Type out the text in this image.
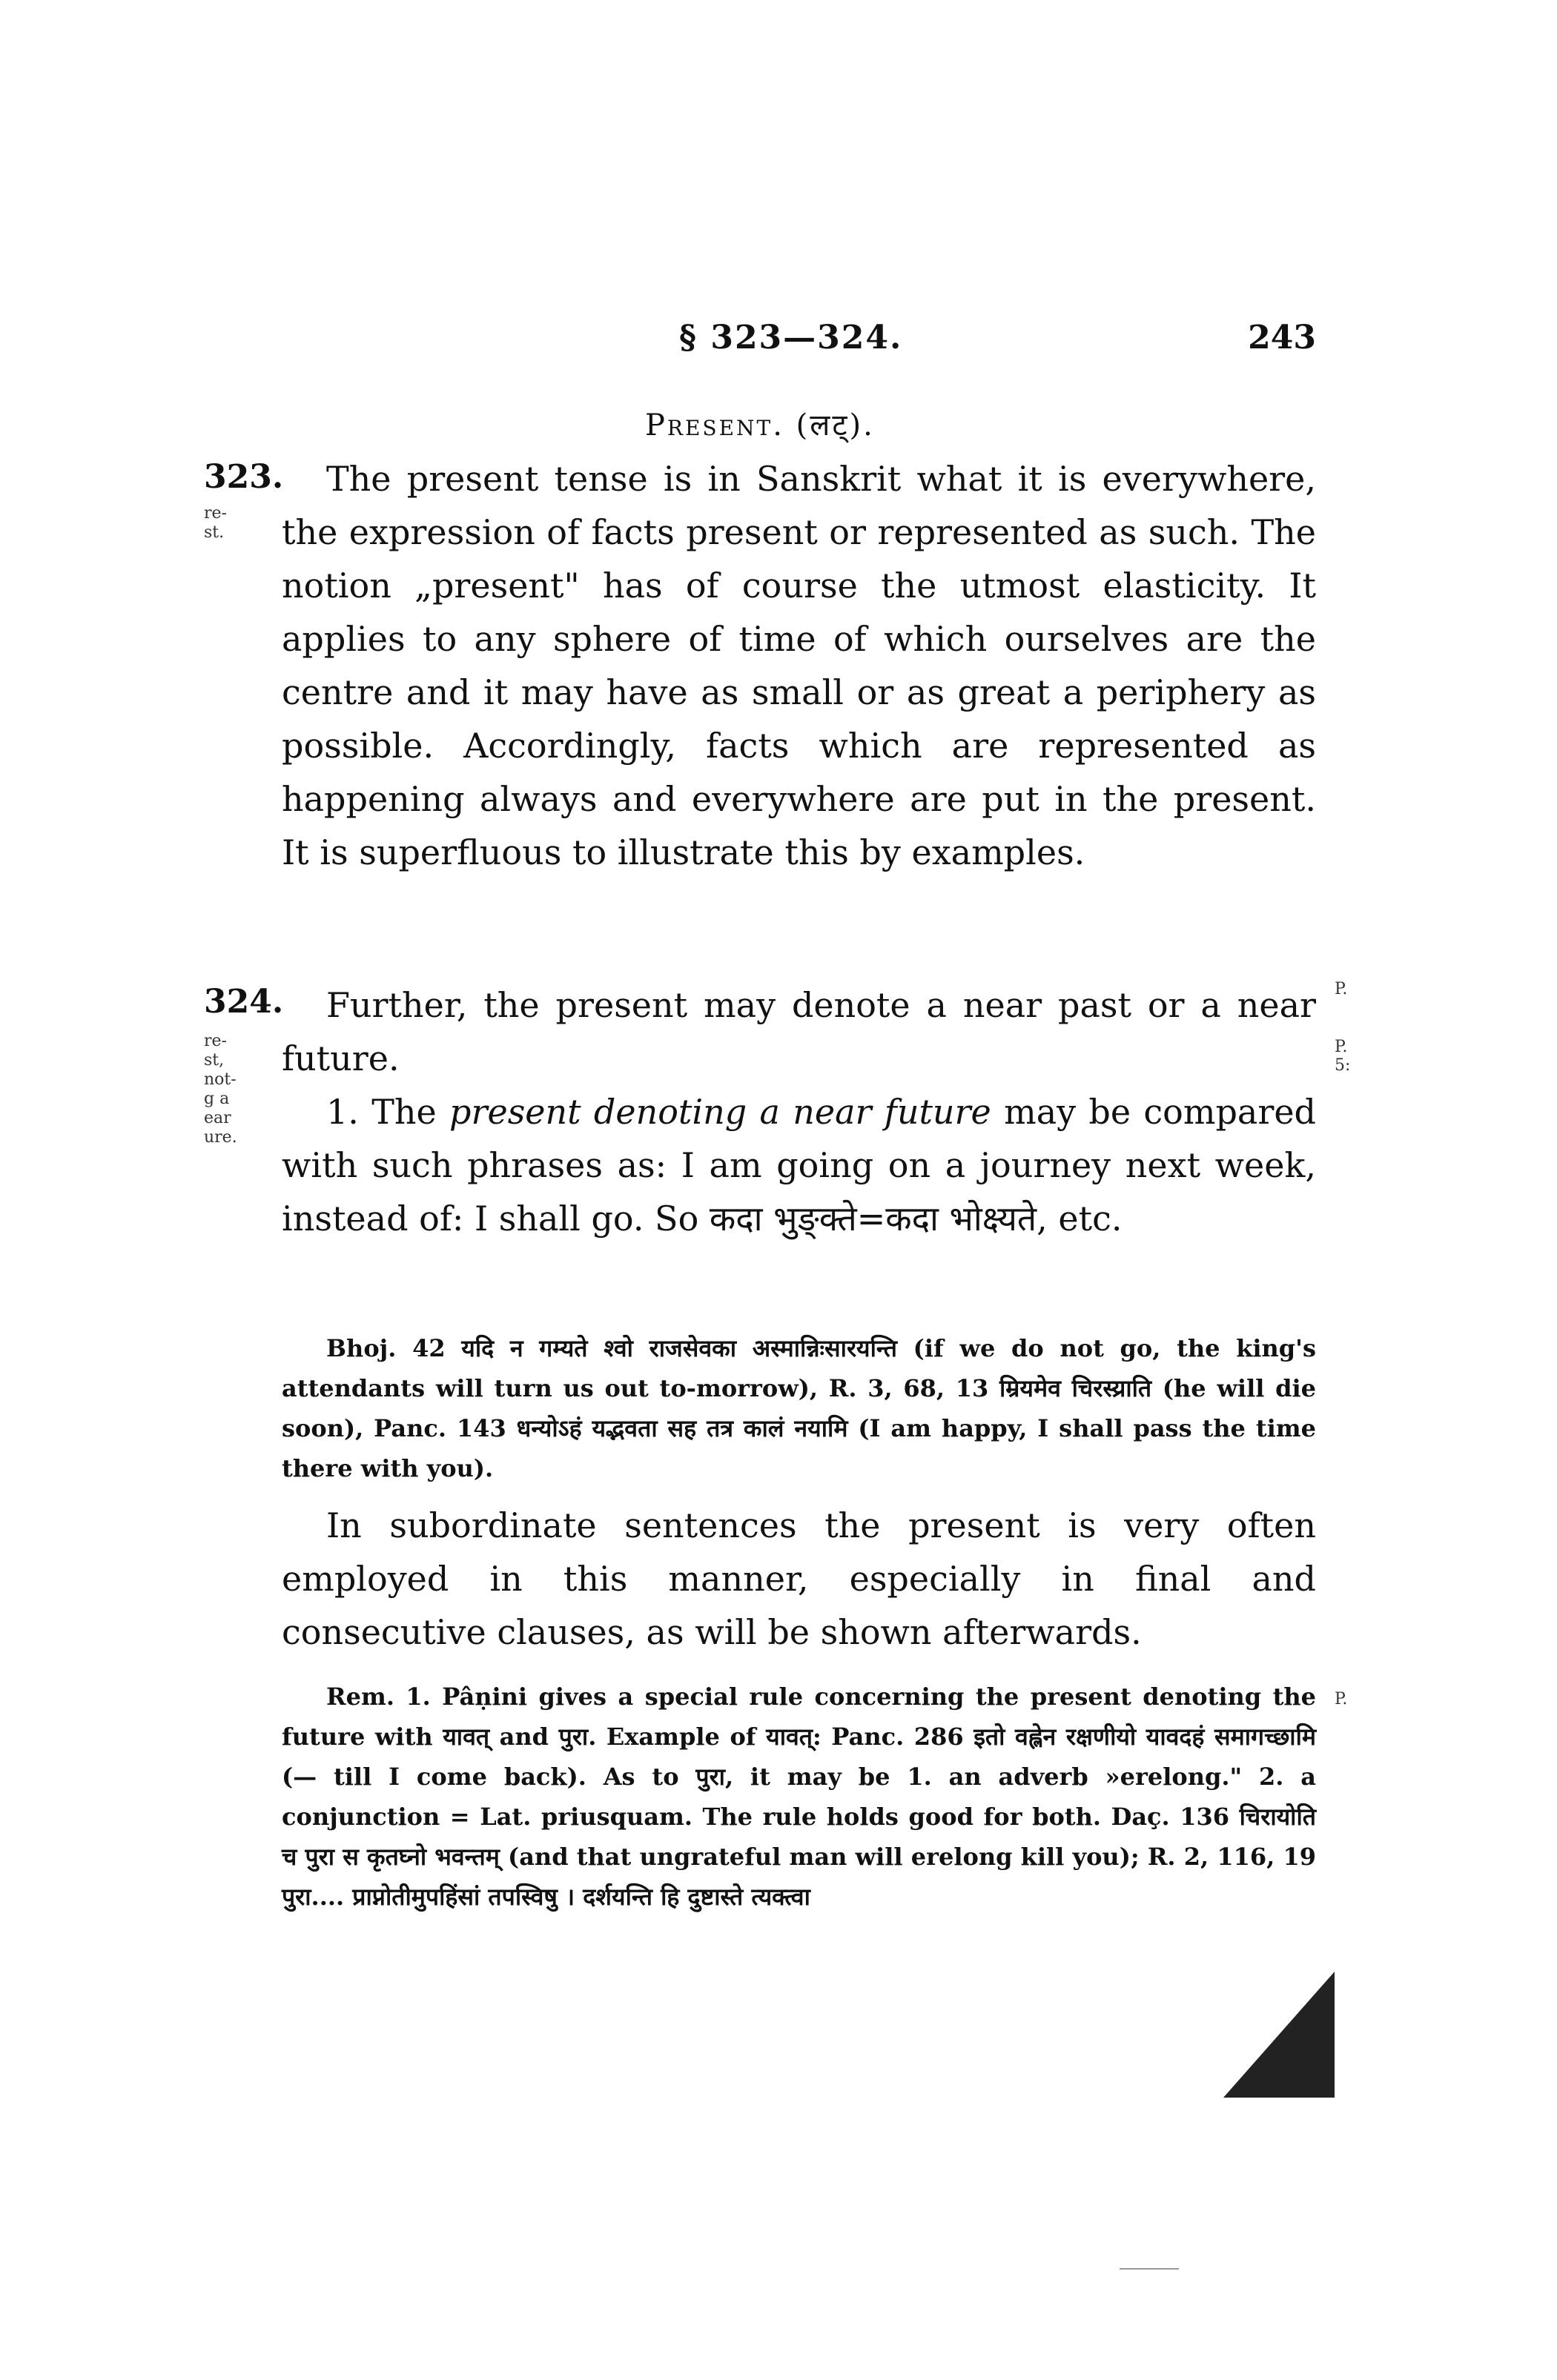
§ 323—324.	243
Present. (लट्).
323.
re-
st.
324.
re-
st,
not-
g a
ear
ure.
P.
P.
5:
P.

The present tense is in Sanskrit what it is everywhere, the expression of facts present or represented as such. The notion „present" has of course the utmost elasticity. It applies to any sphere of time of which ourselves are the centre and it may have as small or as great a periphery as possible. Accordingly, facts which are represented as happening always and everywhere are put in the present. It is superfluous to illustrate this by examples.

Further, the present may denote a near past or a near future.

1. The present denoting a near future may be compared with such phrases as: I am going on a journey next week, instead of: I shall go. So कदा भुङ्क्ते=कदा भोक्ष्यते, etc.

Bhoj. 42 यदि न गम्यते श्वो राजसेवका अस्मान्निःसारयन्ति (if we do not go, the king's attendants will turn us out to-morrow), R. 3, 68, 13 म्रियमेव चिरस्य्राति (he will die soon), Panc. 143 धन्योऽहं यद्भवता सह तत्र कालं नयामि (I am happy, I shall pass the time there with you).

In subordinate sentences the present is very often employed in this manner, especially in final and consecutive clauses, as will be shown afterwards.

Rem. 1. Pâṇini gives a special rule concerning the present denoting the future with यावत् and पुरा. Example of यावत्: Panc. 286 इतो वह्लेन रक्षणीयो यावदहं समागच्छामि (— till I come back). As to पुरा, it may be 1. an adverb »erelong." 2. a conjunction = Lat. priusquam. The rule holds good for both. Daç. 136 चिरायोति च पुरा स कृतघ्नो भवन्तम् (and that ungrateful man will erelong kill you); R. 2, 116, 19 पुरा.... प्राप्नोतीमुपहिंसां तपस्विषु । दर्शयन्ति हि दुष्टास्ते त्यक्त्वा
